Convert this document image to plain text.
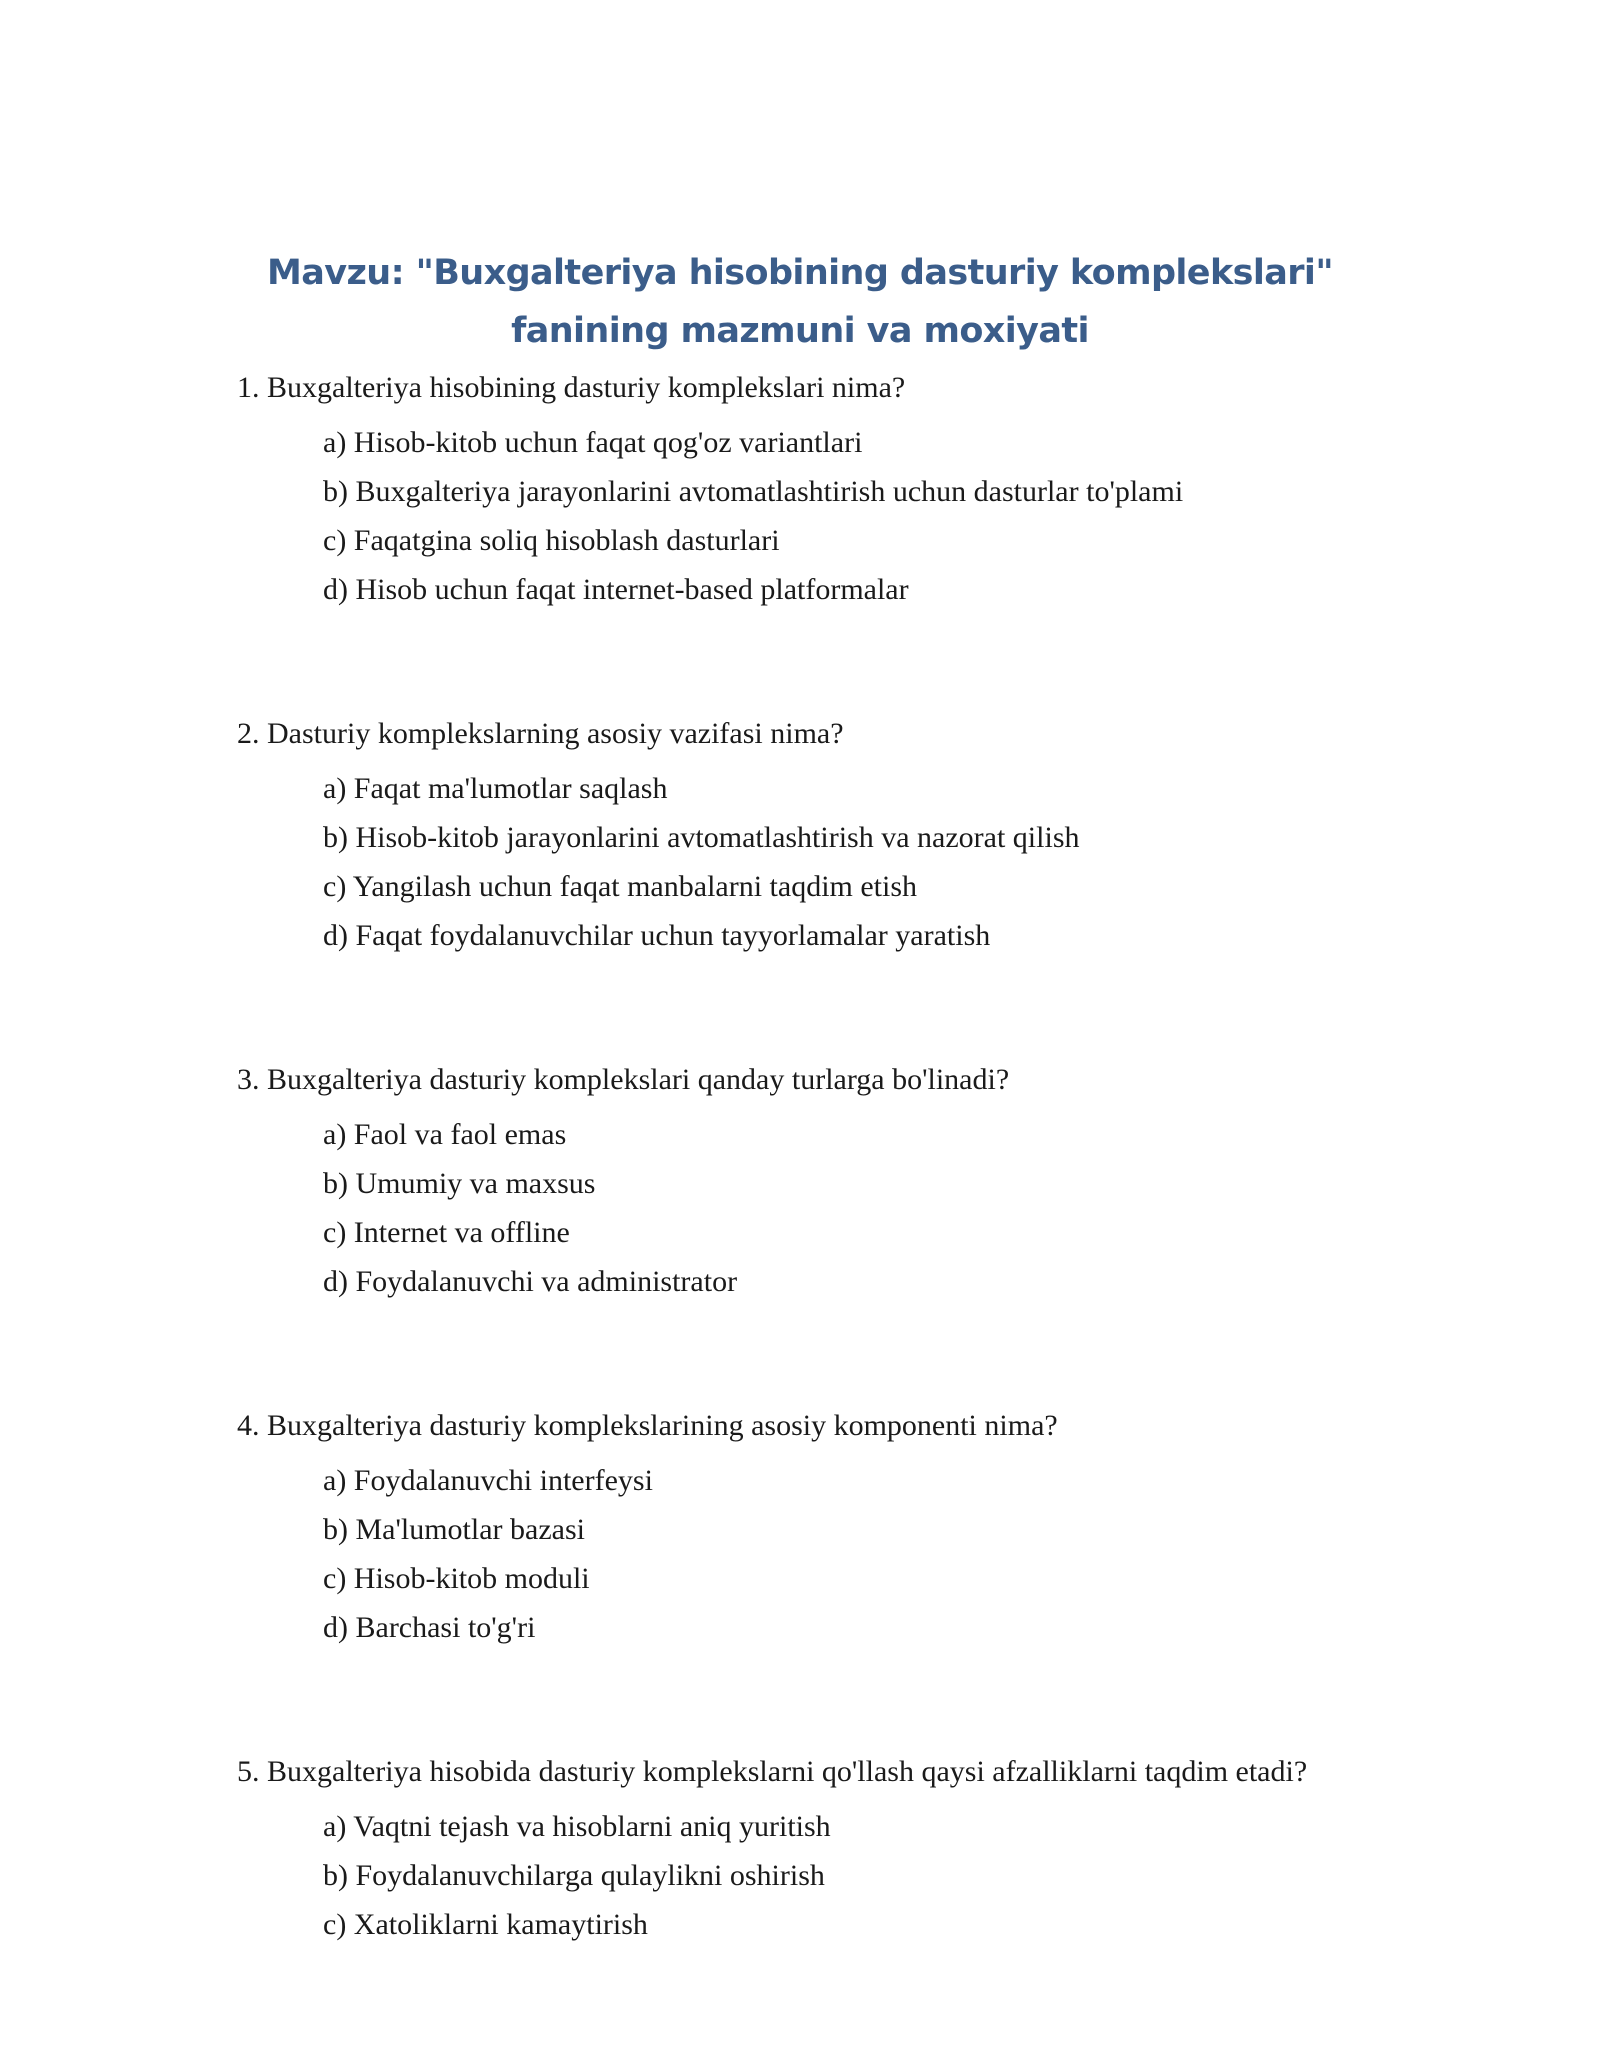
Mavzu: "Buxgalteriya hisobining dasturiy komplekslari" fanining mazmuni va moxiyati

1. Buxgalteriya hisobining dasturiy komplekslari nima?

a) Hisob-kitob uchun faqat qog'oz variantlari
b) Buxgalteriya jarayonlarini avtomatlashtirish uchun dasturlar to'plami
c) Faqatgina soliq hisoblash dasturlari
d) Hisob uchun faqat internet-based platformalar

2. Dasturiy komplekslarning asosiy vazifasi nima?

a) Faqat ma'lumotlar saqlash
b) Hisob-kitob jarayonlarini avtomatlashtirish va nazorat qilish
c) Yangilash uchun faqat manbalarni taqdim etish
d) Faqat foydalanuvchilar uchun tayyorlamalar yaratish

3. Buxgalteriya dasturiy komplekslari qanday turlarga bo'linadi?

a) Faol va faol emas
b) Umumiy va maxsus
c) Internet va offline
d) Foydalanuvchi va administrator

4. Buxgalteriya dasturiy komplekslarining asosiy komponenti nima?

a) Foydalanuvchi interfeysi
b) Ma'lumotlar bazasi
c) Hisob-kitob moduli
d) Barchasi to'g'ri

5. Buxgalteriya hisobida dasturiy komplekslarni qo'llash qaysi afzalliklarni taqdim etadi?

a) Vaqtni tejash va hisoblarni aniq yuritish
b) Foydalanuvchilarga qulaylikni oshirish
c) Xatoliklarni kamaytirish
